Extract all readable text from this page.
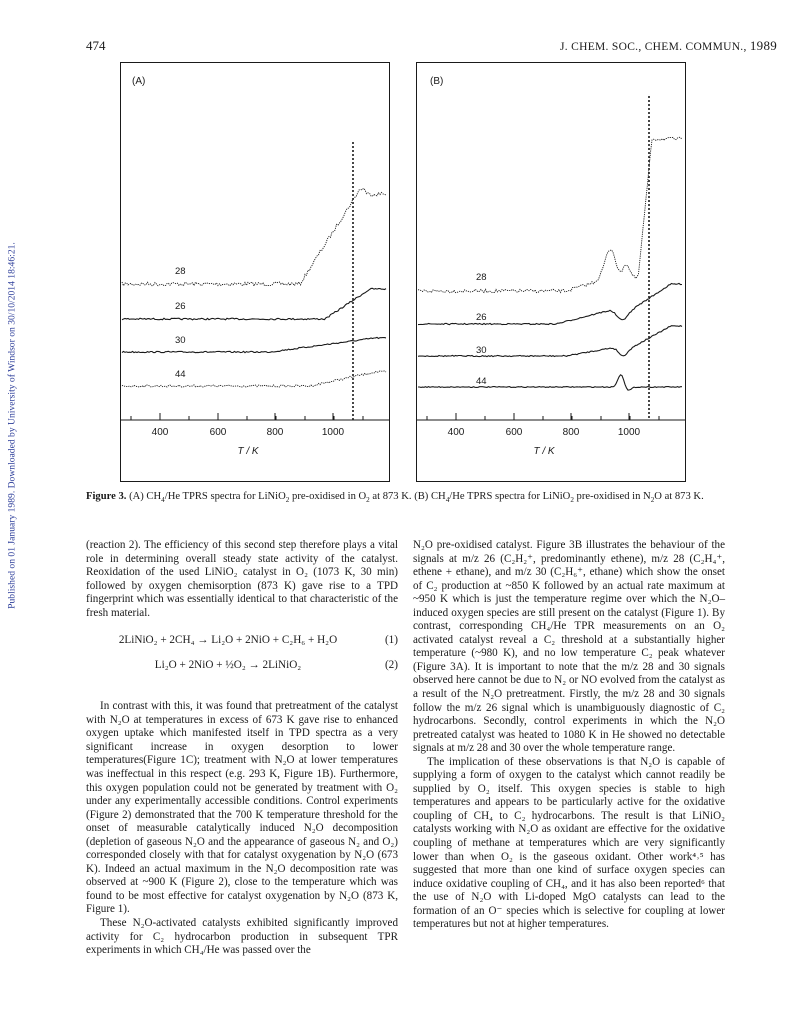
474	J. CHEM. SOC., CHEM. COMMUN., 1989
Published on 01 January 1989. Downloaded by University of Windsor on 30/10/2014 18:46:21.
(A)
400	600	800	1000
T / K
28
26
30
44
(B)
400	600	800	1000
T / K
28
26
30
44
Figure 3. (A) $CH_4/He$ TPRS spectra for LiNiO$_2$ pre-oxidised in $O_2$ at 873 K. (B) $CH_4/He$ TPRS spectra for LiNiO$_2$ pre-oxidised in $N_2O$ at 873 K.

(reaction 2). The efficiency of this second step therefore plays a vital role in determining overall steady state activity of the catalyst. Reoxidation of the used LiNiO₂ catalyst in O₂ (1073 K, 30 min) followed by oxygen chemisorption (873 K) gave rise to a TPD fingerprint which was essentially identical to that characteristic of the fresh material.

2LiNiO₂ + 2CH₄ → Li₂O + 2NiO + C₂H₆ + H₂O	(1)
Li₂O + 2NiO + ½O₂ → 2LiNiO₂	(2)

In contrast with this, it was found that pretreatment of the catalyst with N₂O at temperatures in excess of 673 K gave rise to enhanced oxygen uptake which manifested itself in TPD spectra as a very significant increase in oxygen desorption to lower temperatures(Figure 1C); treatment with N₂O at lower temperatures was ineffectual in this respect (e.g. 293 K, Figure 1B). Furthermore, this oxygen population could not be generated by treatment with O₂ under any experimentally accessible conditions. Control experiments (Figure 2) demonstrated that the 700 K temperature threshold for the onset of measurable catalytically induced N₂O decomposition (depletion of gaseous N₂O and the appearance of gaseous N₂ and O₂) corresponded closely with that for catalyst oxygenation by N₂O (673 K). Indeed an actual maximum in the N₂O decomposition rate was observed at ~900 K (Figure 2), close to the temperature which was found to be most effective for catalyst oxygenation by N₂O (873 K, Figure 1).

These N₂O-activated catalysts exhibited significantly improved activity for C₂ hydrocarbon production in subsequent TPR experiments in which CH₄/He was passed over the

N₂O pre-oxidised catalyst. Figure 3B illustrates the behaviour of the signals at m/z 26 (C₂H₂⁺, predominantly ethene), m/z 28 (C₂H₄⁺, ethene + ethane), and m/z 30 (C₂H₆⁺, ethane) which show the onset of C₂ production at ~850 K followed by an actual rate maximum at ~950 K which is just the temperature regime over which the N₂O–induced oxygen species are still present on the catalyst (Figure 1). By contrast, corresponding CH₄/He TPR measurements on an O₂ activated catalyst reveal a C₂ threshold at a substantially higher temperature (~980 K), and no low temperature C₂ peak whatever (Figure 3A). It is important to note that the m/z 28 and 30 signals observed here cannot be due to N₂ or NO evolved from the catalyst as a result of the N₂O pretreatment. Firstly, the m/z 28 and 30 signals follow the m/z 26 signal which is unambiguously diagnostic of C₂ hydrocarbons. Secondly, control experiments in which the N₂O pretreated catalyst was heated to 1080 K in He showed no detectable signals at m/z 28 and 30 over the whole temperature range.

The implication of these observations is that N₂O is capable of supplying a form of oxygen to the catalyst which cannot readily be supplied by O₂ itself. This oxygen species is stable to high temperatures and appears to be particularly active for the oxidative coupling of CH₄ to C₂ hydrocarbons. The result is that LiNiO₂ catalysts working with N₂O as oxidant are effective for the oxidative coupling of methane at temperatures which are very significantly lower than when O₂ is the gaseous oxidant. Other work⁴˒⁵ has suggested that more than one kind of surface oxygen species can induce oxidative coupling of CH₄, and it has also been reported⁶ that the use of N₂O with Li-doped MgO catalysts can lead to the formation of an O⁻ species which is selective for coupling at lower temperatures but not at higher temperatures.
